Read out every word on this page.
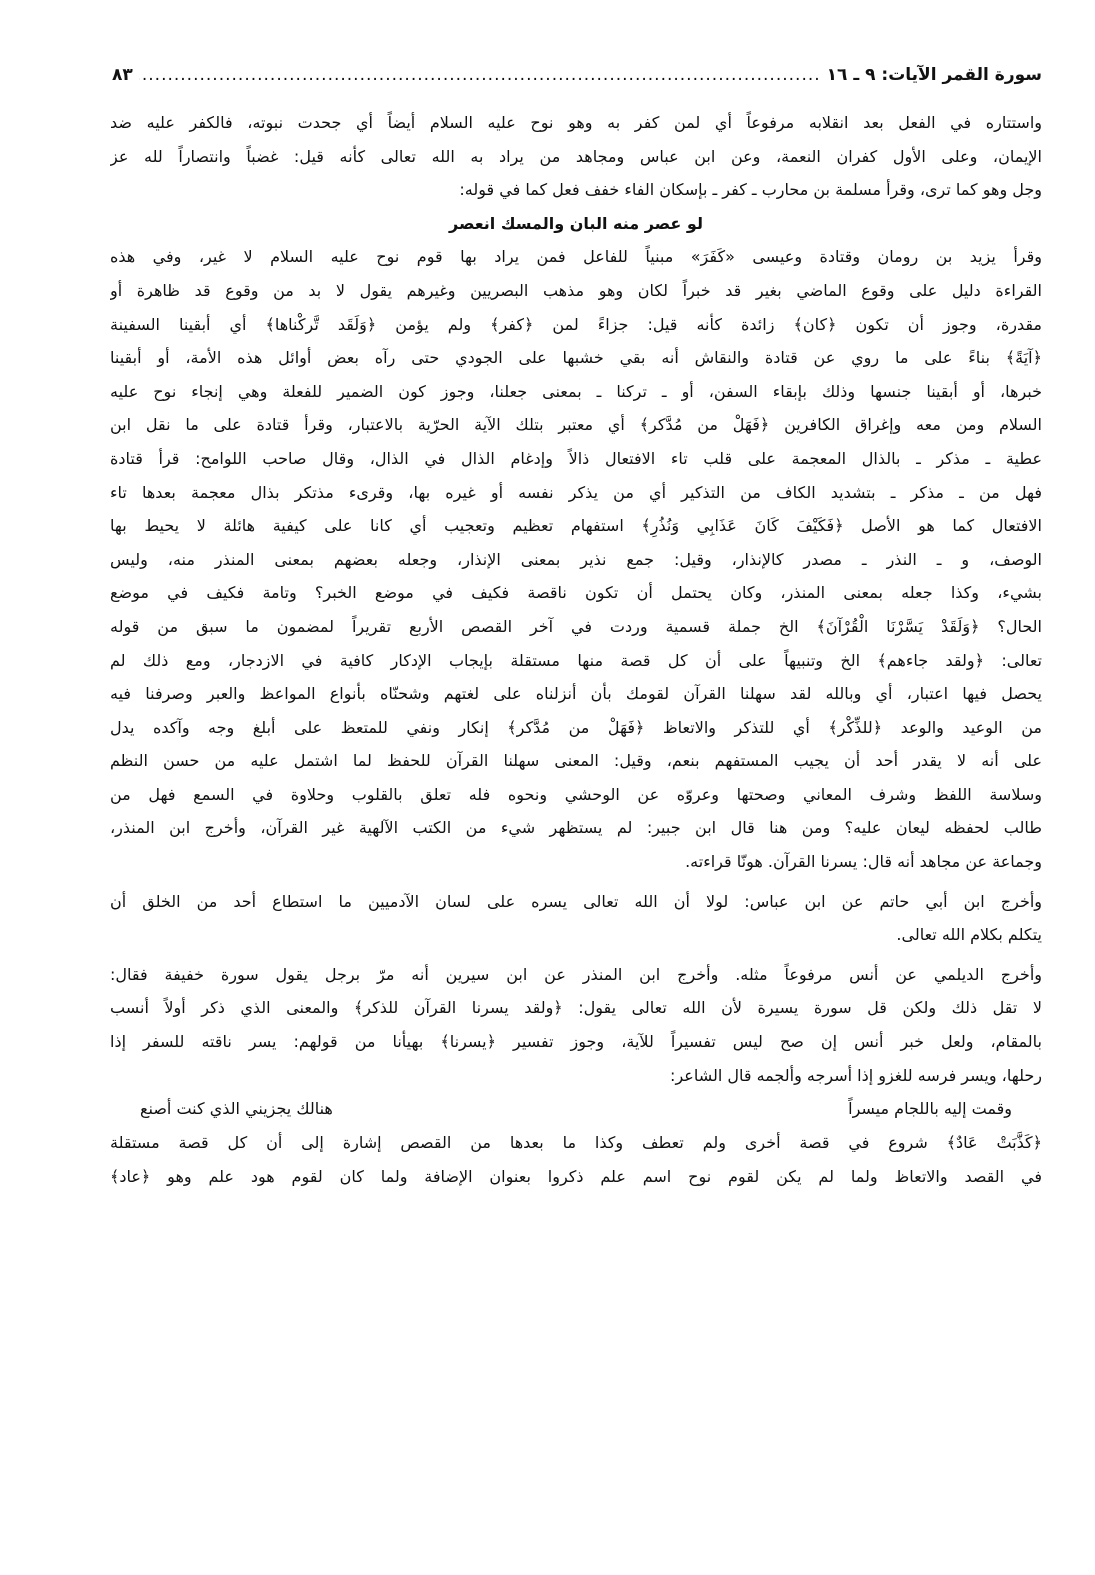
سورة القمر الآيات: ٩ ـ ١٦
.....
٨٣
واستتاره في الفعل بعد انقلابه مرفوعاً أي لمن كفر به وهو نوح عليه السلام أيضاً أي جحدت نبوته، فالكفر عليه ضد
الإيمان، وعلى الأول كفران النعمة، وعن ابن عباس ومجاهد من يراد به الله تعالى كأنه قيل: غضباً وانتصاراً لله عز
وجل وهو كما ترى، وقرأ مسلمة بن محارب ـ كفر ـ بإسكان الفاء خفف فعل كما في قوله:
لو عصر منه البان والمسك انعصر
وقرأ يزيد بن رومان وقتادة وعيسى «كَفَرَ» مبنياً للفاعل فمن يراد بها قوم نوح عليه السلام لا غير، وفي هذه
القراءة دليل على وقوع الماضي بغير قد خبراً لكان وهو مذهب البصريين وغيرهم يقول لا بد من وقوع قد ظاهرة أو
مقدرة، وجوز أن تكون ﴿كان﴾ زائدة كأنه قيل: جزاءً لمن ﴿كفر﴾ ولم يؤمن ﴿وَلَقَد تَّركْناها﴾ أي أبقينا السفينة
﴿آيَةً﴾ بناءً على ما روي عن قتادة والنقاش أنه بقي خشبها على الجودي حتى رآه بعض أوائل هذه الأمة، أو أبقينا
خبرها، أو أبقينا جنسها وذلك بإبقاء السفن، أو ـ تركنا ـ بمعنى جعلنا، وجوز كون الضمير للفعلة وهي إنجاء نوح عليه
السلام ومن معه وإغراق الكافرين ﴿فَهَلْ من مُدَّكر﴾ أي معتبر بتلك الآية الحرّية بالاعتبار، وقرأ قتادة على ما نقل ابن
عطية ـ مذكر ـ بالذال المعجمة على قلب تاء الافتعال ذالاً وإدغام الذال في الذال، وقال صاحب اللوامح: قرأ قتادة
فهل من ـ مذكر ـ بتشديد الكاف من التذكير أي من يذكر نفسه أو غيره بها، وقرىء مذتكر بذال معجمة بعدها تاء
الافتعال كما هو الأصل ﴿فَكَيْفَ كَانَ عَذَابِي وَنُذُرِ﴾ استفهام تعظيم وتعجيب أي كانا على كيفية هائلة لا يحيط بها
الوصف، و ـ النذر ـ مصدر كالإنذار، وقيل: جمع نذير بمعنى الإنذار، وجعله بعضهم بمعنى المنذر منه، وليس
بشيء، وكذا جعله بمعنى المنذر، وكان يحتمل أن تكون ناقصة فكيف في موضع الخبر؟ وتامة فكيف في موضع
الحال؟ ﴿وَلَقَدْ يَسَّرْنَا الْقُرْآنَ﴾ الخ جملة قسمية وردت في آخر القصص الأربع تقريراً لمضمون ما سبق من قوله
تعالى: ﴿ولقد جاءهم﴾ الخ وتنبيهاً على أن كل قصة منها مستقلة بإيجاب الإدكار كافية في الازدجار، ومع ذلك لم
يحصل فيها اعتبار، أي وبالله لقد سهلنا القرآن لقومك بأن أنزلناه على لغتهم وشحنّاه بأنواع المواعظ والعبر وصرفنا فيه
من الوعيد والوعد ﴿للذِّكْر﴾ أي للتذكر والاتعاظ ﴿فَهَلْ من مُدَّكر﴾ إنكار ونفي للمتعظ على أبلغ وجه وآكده يدل
على أنه لا يقدر أحد أن يجيب المستفهم بنعم، وقيل: المعنى سهلنا القرآن للحفظ لما اشتمل عليه من حسن النظم
وسلاسة اللفظ وشرف المعاني وصحتها وعروّه عن الوحشي ونحوه فله تعلق بالقلوب وحلاوة في السمع فهل من
طالب لحفظه ليعان عليه؟ ومن هنا قال ابن جبير: لم يستظهر شيء من الكتب الآلهية غير القرآن، وأخرج ابن المنذر،
وجماعة عن مجاهد أنه قال: يسرنا القرآن. هونّا قراءته.
وأخرج ابن أبي حاتم عن ابن عباس: لولا أن الله تعالى يسره على لسان الآدميين ما استطاع أحد من الخلق أن
يتكلم بكلام الله تعالى.
وأخرج الديلمي عن أنس مرفوعاً مثله. وأخرج ابن المنذر عن ابن سيرين أنه مرّ برجل يقول سورة خفيفة فقال:
لا تقل ذلك ولكن قل سورة يسيرة لأن الله تعالى يقول: ﴿ولقد يسرنا القرآن للذكر﴾ والمعنى الذي ذكر أولاً أنسب
بالمقام، ولعل خبر أنس إن صح ليس تفسيراً للآية، وجوز تفسير ﴿يسرنا﴾ بهيأنا من قولهم: يسر ناقته للسفر إذا
رحلها، ويسر فرسه للغزو إذا أسرجه وألجمه قال الشاعر:
وقمت إليه باللجام ميسراً
هنالك يجزيني الذي كنت أصنع
﴿كَذَّبَتْ عَادٌ﴾ شروع في قصة أخرى ولم تعطف وكذا ما بعدها من القصص إشارة إلى أن كل قصة مستقلة
في القصد والاتعاظ ولما لم يكن لقوم نوح اسم علم ذكروا بعنوان الإضافة ولما كان لقوم هود علم وهو ﴿عاد﴾
